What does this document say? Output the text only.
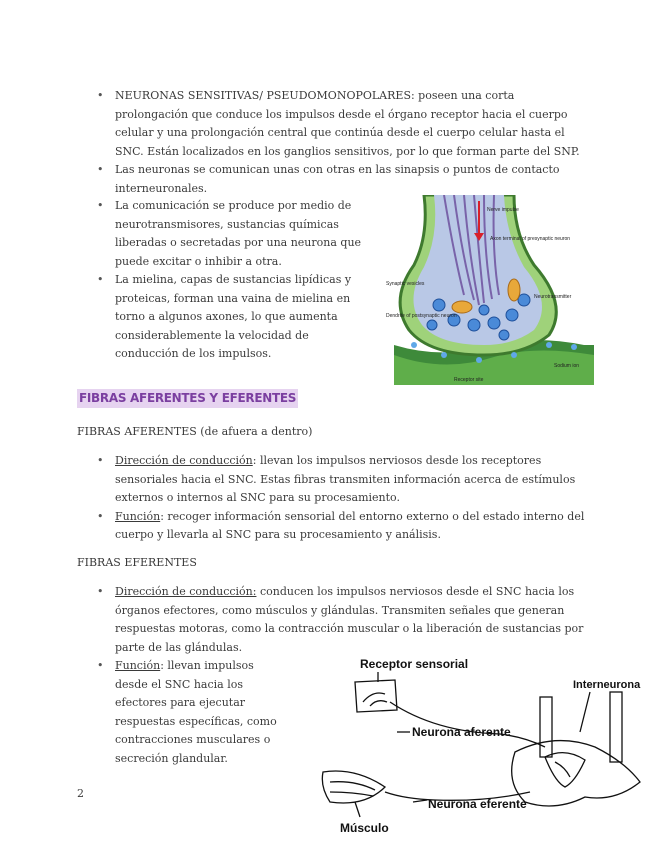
• NEURONAS SENSITIVAS/ PSEUDOMONOPOLARES: poseen una corta prolongación que conduce los impulsos desde el órgano receptor hacia el cuerpo celular y una prolongación central que continúa desde el cuerpo celular hasta el SNC. Están localizados en los ganglios sensitivos, por lo que forman parte del SNP.
• Las neuronas se comunican unas con otras en las sinapsis o puntos de contacto interneuronales.
• La comunicación se produce por medio de neurotransmisores, sustancias químicas liberadas o secretadas por una neurona que puede excitar o inhibir a otra.
• La mielina, capas de sustancias lipídicas y proteicas, forman una vaina de mielina en torno a algunos axones, lo que aumenta considerablemente la velocidad de conducción de los impulsos.
Nerve impulse
Axon terminal of presynaptic neuron
Synaptic vesicles
Neurotransmitter
Dendrite of postsynaptic neuron
Receptor site
Sodium ion
FIBRAS AFERENTES Y EFERENTES
FIBRAS AFERENTES (de afuera a dentro)
• Dirección de conducción: llevan los impulsos nerviosos desde los receptores sensoriales hacia el SNC. Estas fibras transmiten información acerca de estímulos externos o internos al SNC para su procesamiento.
• Función: recoger información sensorial del entorno externo o del estado interno del cuerpo y llevarla al SNC para su procesamiento y análisis.
FIBRAS EFERENTES
• Dirección de conducción: conducen los impulsos nerviosos desde el SNC hacia los órganos efectores, como músculos y glándulas. Transmiten señales que generan respuestas motoras, como la contracción muscular o la liberación de sustancias por parte de las glándulas.
• Función: llevan impulsos desde el SNC hacia los efectores para ejecutar respuestas específicas, como contracciones musculares o secreción glandular.
Receptor sensorial
Interneurona
Neurona aferente
Neurona eferente
Músculo
2
